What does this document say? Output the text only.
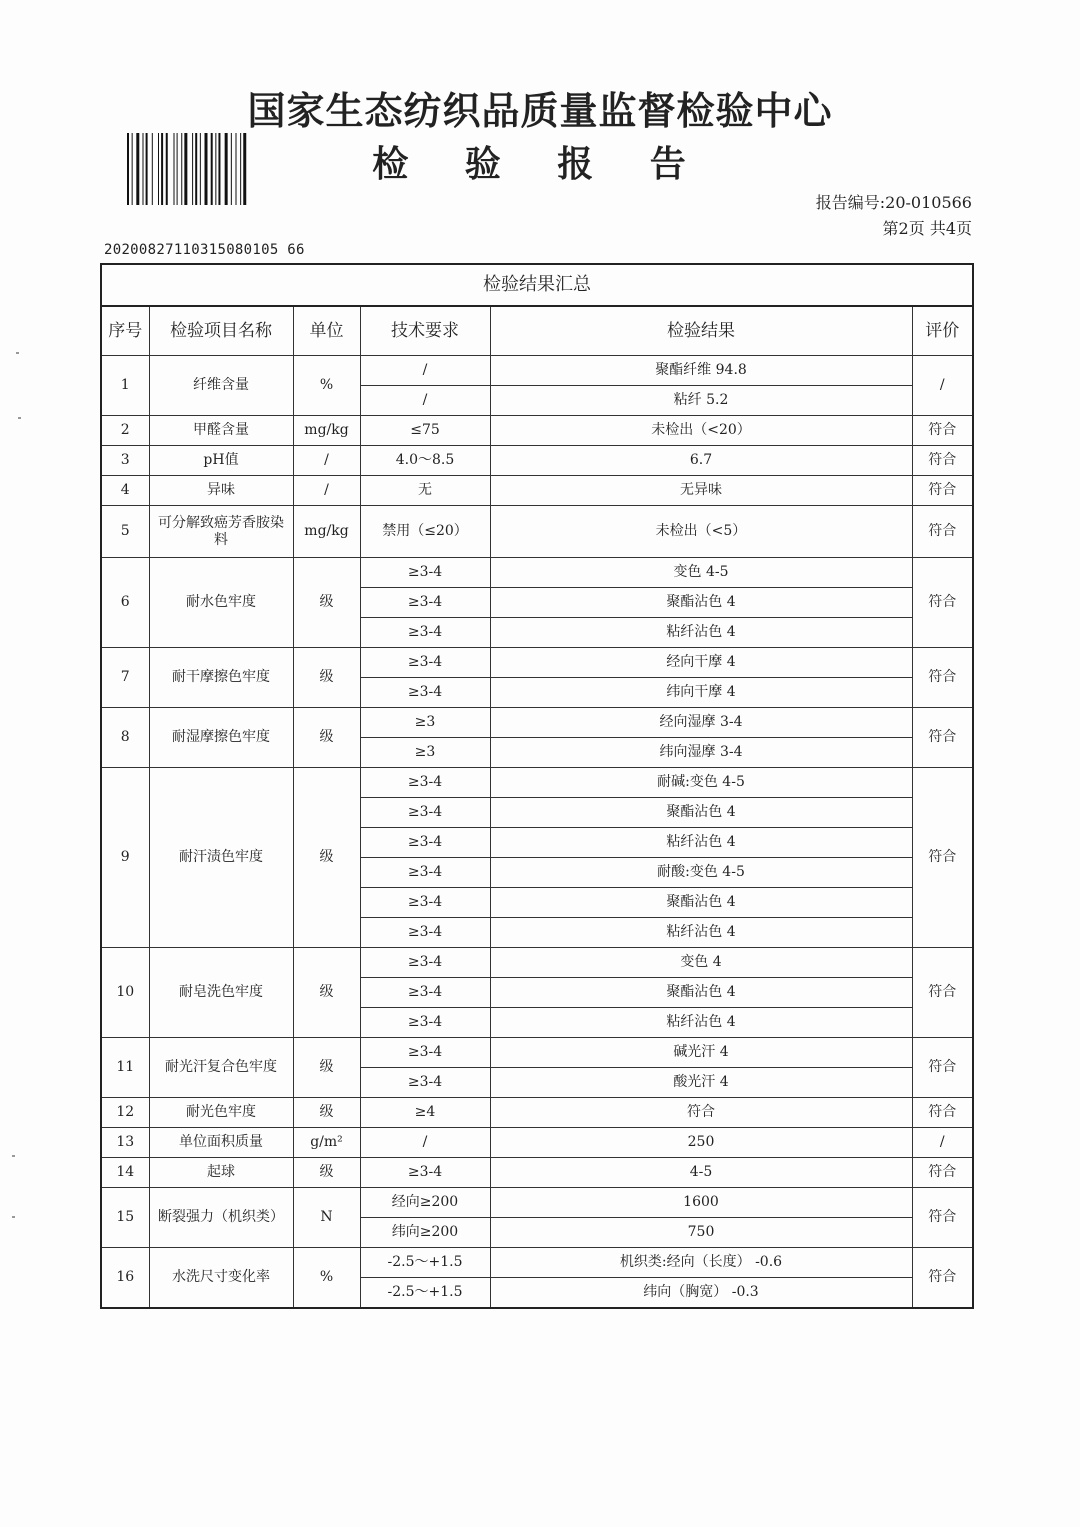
国家生态纺织品质量监督检验中心
检 验 报 告
报告编号:20-010566
第2页 共4页
20200827110315080105 66
检验结果汇总					
序号	检验项目名称	单位	技术要求	检验结果	评价
1	纤维含量	%	/	聚酯纤维 94.8	/
			/	粘纤 5.2	
2	甲醛含量	mg/kg	≤75	未检出（<20）	符合
3	pH值	/	4.0～8.5	6.7	符合
4	异味	/	无	无异味	符合
5	可分解致癌芳香胺染料	mg/kg	禁用（≤20）	未检出（<5）	符合
6	耐水色牢度	级	≥3-4	变色 4-5	符合
			≥3-4	聚酯沾色 4	
			≥3-4	粘纤沾色 4	
7	耐干摩擦色牢度	级	≥3-4	经向干摩 4	符合
			≥3-4	纬向干摩 4	
8	耐湿摩擦色牢度	级	≥3	经向湿摩 3-4	符合
			≥3	纬向湿摩 3-4	
9	耐汗渍色牢度	级	≥3-4	耐碱:变色 4-5	符合
			≥3-4	聚酯沾色 4	
			≥3-4	粘纤沾色 4	
			≥3-4	耐酸:变色 4-5	
			≥3-4	聚酯沾色 4	
			≥3-4	粘纤沾色 4	
10	耐皂洗色牢度	级	≥3-4	变色 4	符合
			≥3-4	聚酯沾色 4	
			≥3-4	粘纤沾色 4	
11	耐光汗复合色牢度	级	≥3-4	碱光汗 4	符合
			≥3-4	酸光汗 4	
12	耐光色牢度	级	≥4	符合	符合
13	单位面积质量	g/m²	/	250	/
14	起球	级	≥3-4	4-5	符合
15	断裂强力（机织类）	N	经向≥200	1600	符合
			纬向≥200	750	
16	水洗尺寸变化率	%	-2.5～+1.5	机织类:经向（长度） -0.6	符合
			-2.5～+1.5	纬向（胸宽） -0.3	
